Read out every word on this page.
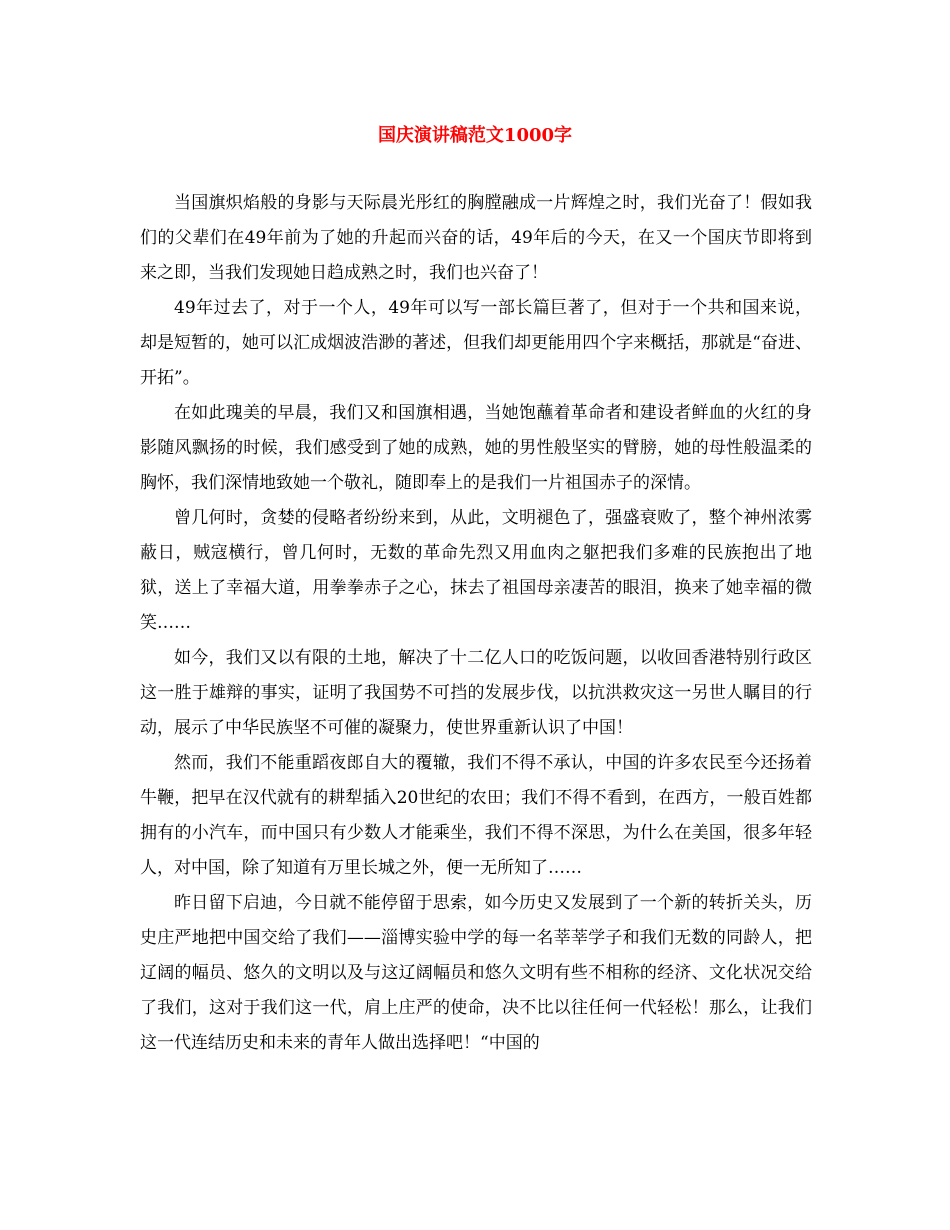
国庆演讲稿范文1000字

当国旗炽焰般的身影与天际晨光彤红的胸膛融成一片辉煌之时，我们光奋了！假如我们的父辈们在49年前为了她的升起而兴奋的话，49年后的今天，在又一个国庆节即将到来之即，当我们发现她日趋成熟之时，我们也兴奋了！

49年过去了，对于一个人，49年可以写一部长篇巨著了，但对于一个共和国来说，却是短暂的，她可以汇成烟波浩渺的著述，但我们却更能用四个字来概括，那就是“奋进、开拓”。

在如此瑰美的早晨，我们又和国旗相遇，当她饱蘸着革命者和建设者鲜血的火红的身影随风飘扬的时候，我们感受到了她的成熟，她的男性般坚实的臂膀，她的母性般温柔的胸怀，我们深情地致她一个敬礼，随即奉上的是我们一片祖国赤子的深情。

曾几何时，贪婪的侵略者纷纷来到，从此，文明褪色了，强盛衰败了，整个神州浓雾蔽日，贼寇横行，曾几何时，无数的革命先烈又用血肉之躯把我们多难的民族抱出了地狱，送上了幸福大道，用拳拳赤子之心，抹去了祖国母亲凄苦的眼泪，换来了她幸福的微笑……

如今，我们又以有限的土地，解决了十二亿人口的吃饭问题，以收回香港特别行政区这一胜于雄辩的事实，证明了我国势不可挡的发展步伐，以抗洪救灾这一另世人瞩目的行动，展示了中华民族坚不可催的凝聚力，使世界重新认识了中国！

然而，我们不能重蹈夜郎自大的覆辙，我们不得不承认，中国的许多农民至今还扬着牛鞭，把早在汉代就有的耕犁插入20世纪的农田；我们不得不看到，在西方，一般百姓都拥有的小汽车，而中国只有少数人才能乘坐，我们不得不深思，为什么在美国，很多年轻人，对中国，除了知道有万里长城之外，便一无所知了……

昨日留下启迪，今日就不能停留于思索，如今历史又发展到了一个新的转折关头，历史庄严地把中国交给了我们——淄博实验中学的每一名莘莘学子和我们无数的同龄人，把辽阔的幅员、悠久的文明以及与这辽阔幅员和悠久文明有些不相称的经济、文化状况交给了我们，这对于我们这一代，肩上庄严的使命，决不比以往任何一代轻松！那么，让我们这一代连结历史和未来的青年人做出选择吧！“中国的
